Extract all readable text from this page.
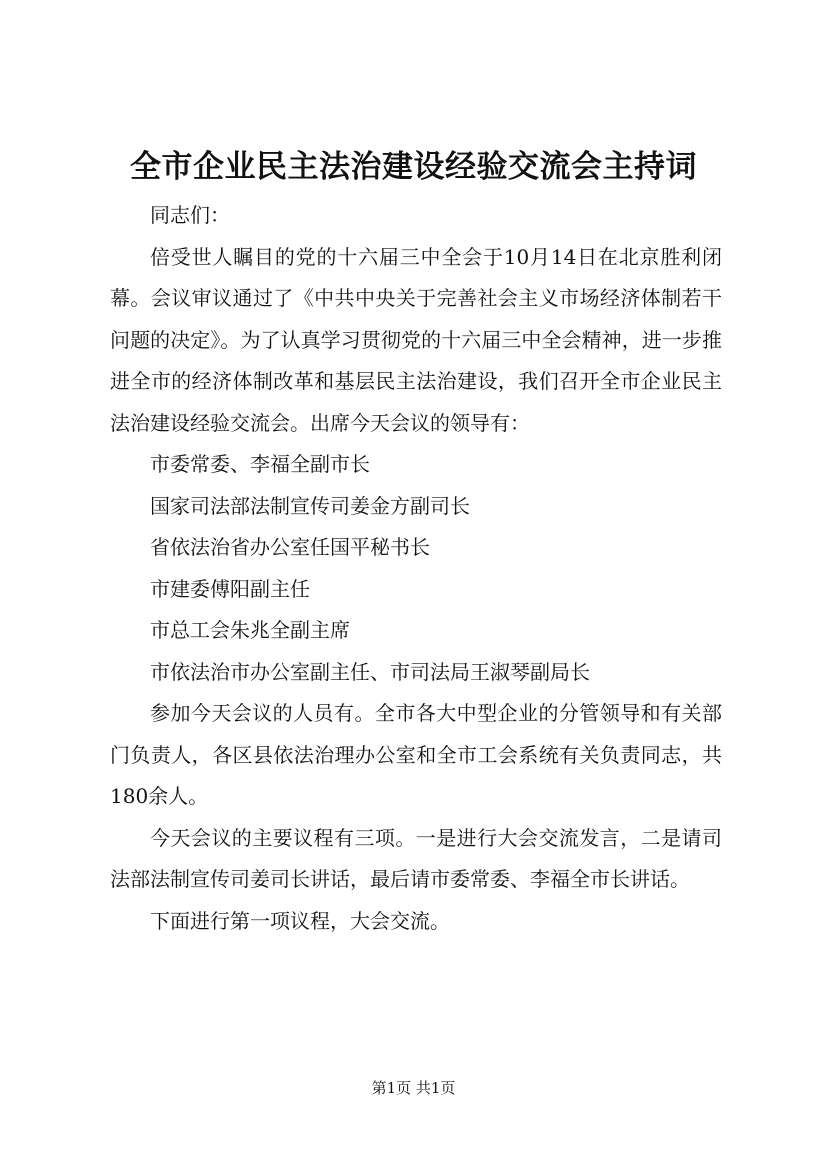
全市企业民主法治建设经验交流会主持词

同志们：

倍受世人瞩目的党的十六届三中全会于10月14日在北京胜利闭幕。会议审议通过了《中共中央关于完善社会主义市场经济体制若干问题的决定》。为了认真学习贯彻党的十六届三中全会精神，进一步推进全市的经济体制改革和基层民主法治建设，我们召开全市企业民主法治建设经验交流会。出席今天会议的领导有：

市委常委、李福全副市长

国家司法部法制宣传司姜金方副司长

省依法治省办公室任国平秘书长

市建委傅阳副主任

市总工会朱兆全副主席

市依法治市办公室副主任、市司法局王淑琴副局长

参加今天会议的人员有。全市各大中型企业的分管领导和有关部门负责人，各区县依法治理办公室和全市工会系统有关负责同志，共180余人。

今天会议的主要议程有三项。一是进行大会交流发言，二是请司法部法制宣传司姜司长讲话，最后请市委常委、李福全市长讲话。

下面进行第一项议程，大会交流。

第1页 共1页
